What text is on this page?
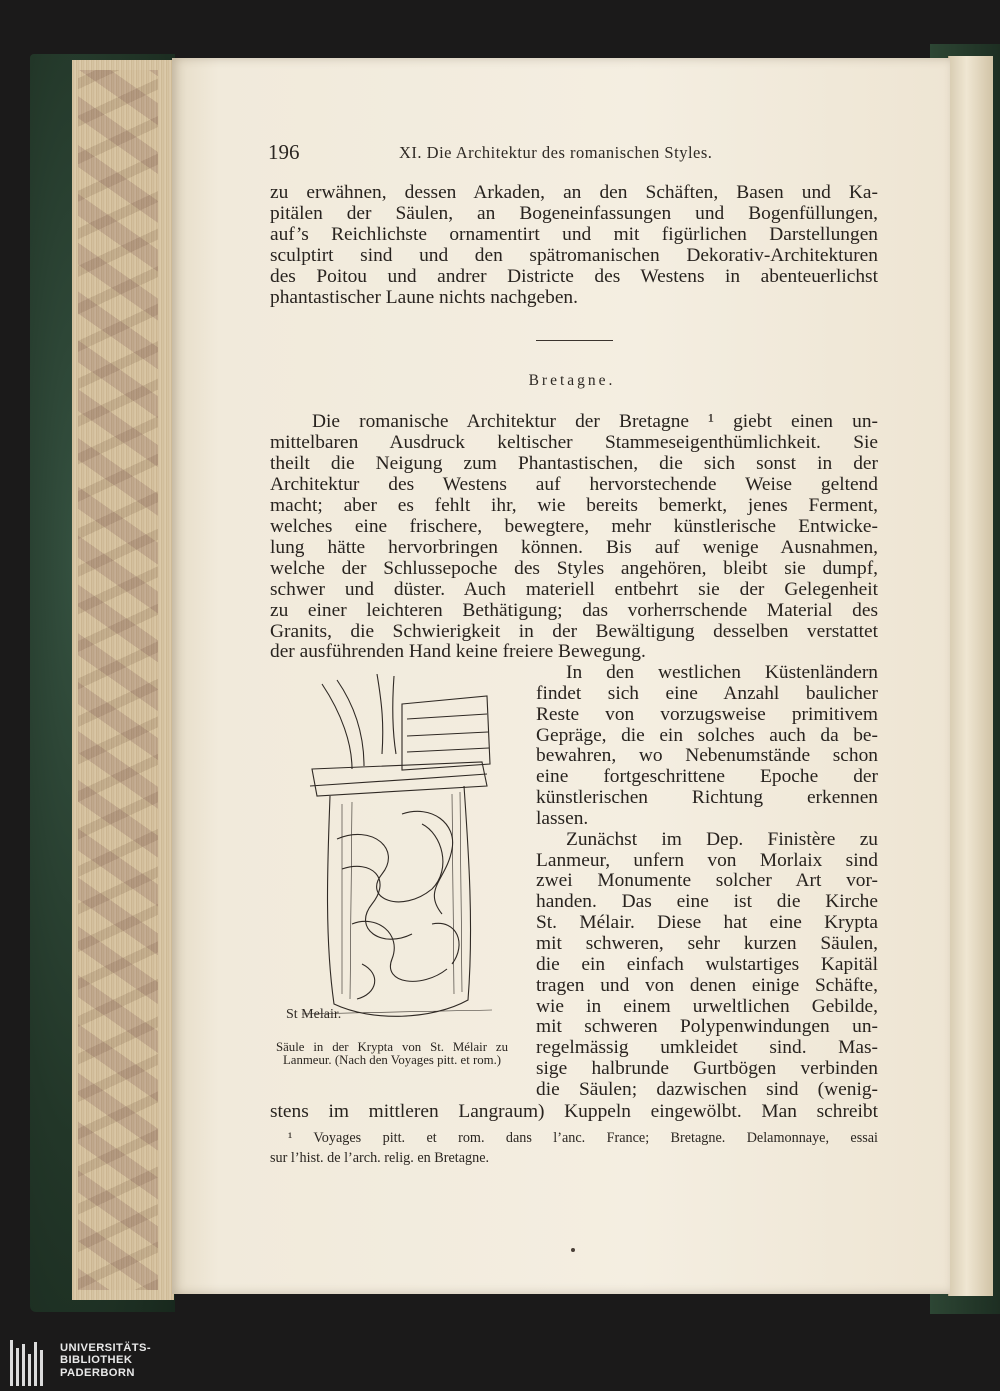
196	XI. Die Architektur des romanischen Styles.

zu erwähnen, dessen Arkaden, an den Schäften, Basen und Ka-
pitälen der Säulen, an Bogeneinfassungen und Bogenfüllungen,
auf’s Reichlichste ornamentirt und mit figürlichen Darstellungen
sculptirt sind und den spätromanischen Dekorativ-Architekturen
des Poitou und andrer Districte des Westens in abenteuerlichst
phantastischer Laune nichts nachgeben.

Bretagne.

Die romanische Architektur der Bretagne ¹ giebt einen un-
mittelbaren Ausdruck keltischer Stammeseigenthümlichkeit. Sie
theilt die Neigung zum Phantastischen, die sich sonst in der
Architektur des Westens auf hervorstechende Weise geltend
macht; aber es fehlt ihr, wie bereits bemerkt, jenes Ferment,
welches eine frischere, bewegtere, mehr künstlerische Entwicke-
lung hätte hervorbringen können. Bis auf wenige Ausnahmen,
welche der Schlussepoche des Styles angehören, bleibt sie dumpf,
schwer und düster. Auch materiell entbehrt sie der Gelegenheit
zu einer leichteren Bethätigung; das vorherrschende Material des
Granits, die Schwierigkeit in der Bewältigung desselben verstattet
der ausführenden Hand keine freiere Bewegung.

In den westlichen Küstenländern
findet sich eine Anzahl baulicher
Reste von vorzugsweise primitivem
Gepräge, die ein solches auch da be-
bewahren, wo Nebenumstände schon
eine fortgeschrittene Epoche der
künstlerischen Richtung erkennen
lassen.

Zunächst im Dep. Finistère zu
Lanmeur, unfern von Morlaix sind
zwei Monumente solcher Art vor-
handen. Das eine ist die Kirche
St. Mélair. Diese hat eine Krypta
mit schweren, sehr kurzen Säulen,
die ein einfach wulstartiges Kapitäl
tragen und von denen einige Schäfte,
wie in einem urweltlichen Gebilde,
mit schweren Polypenwindungen un-
regelmässig umkleidet sind. Mas-
sige halbrunde Gurtbögen verbinden
die Säulen; dazwischen sind (wenig-

stens im mittleren Langraum) Kuppeln eingewölbt. Man schreibt
St Melair.
Säule in der Krypta von St. Mélair zu Lanmeur. (Nach den Voyages pitt. et rom.)
¹ Voyages pitt. et rom. dans l’anc. France; Bretagne. Delamonnaye, essai
sur l’hist. de l’arch. relig. en Bretagne.
UNIVERSITÄTS-
BIBLIOTHEK
PADERBORN
